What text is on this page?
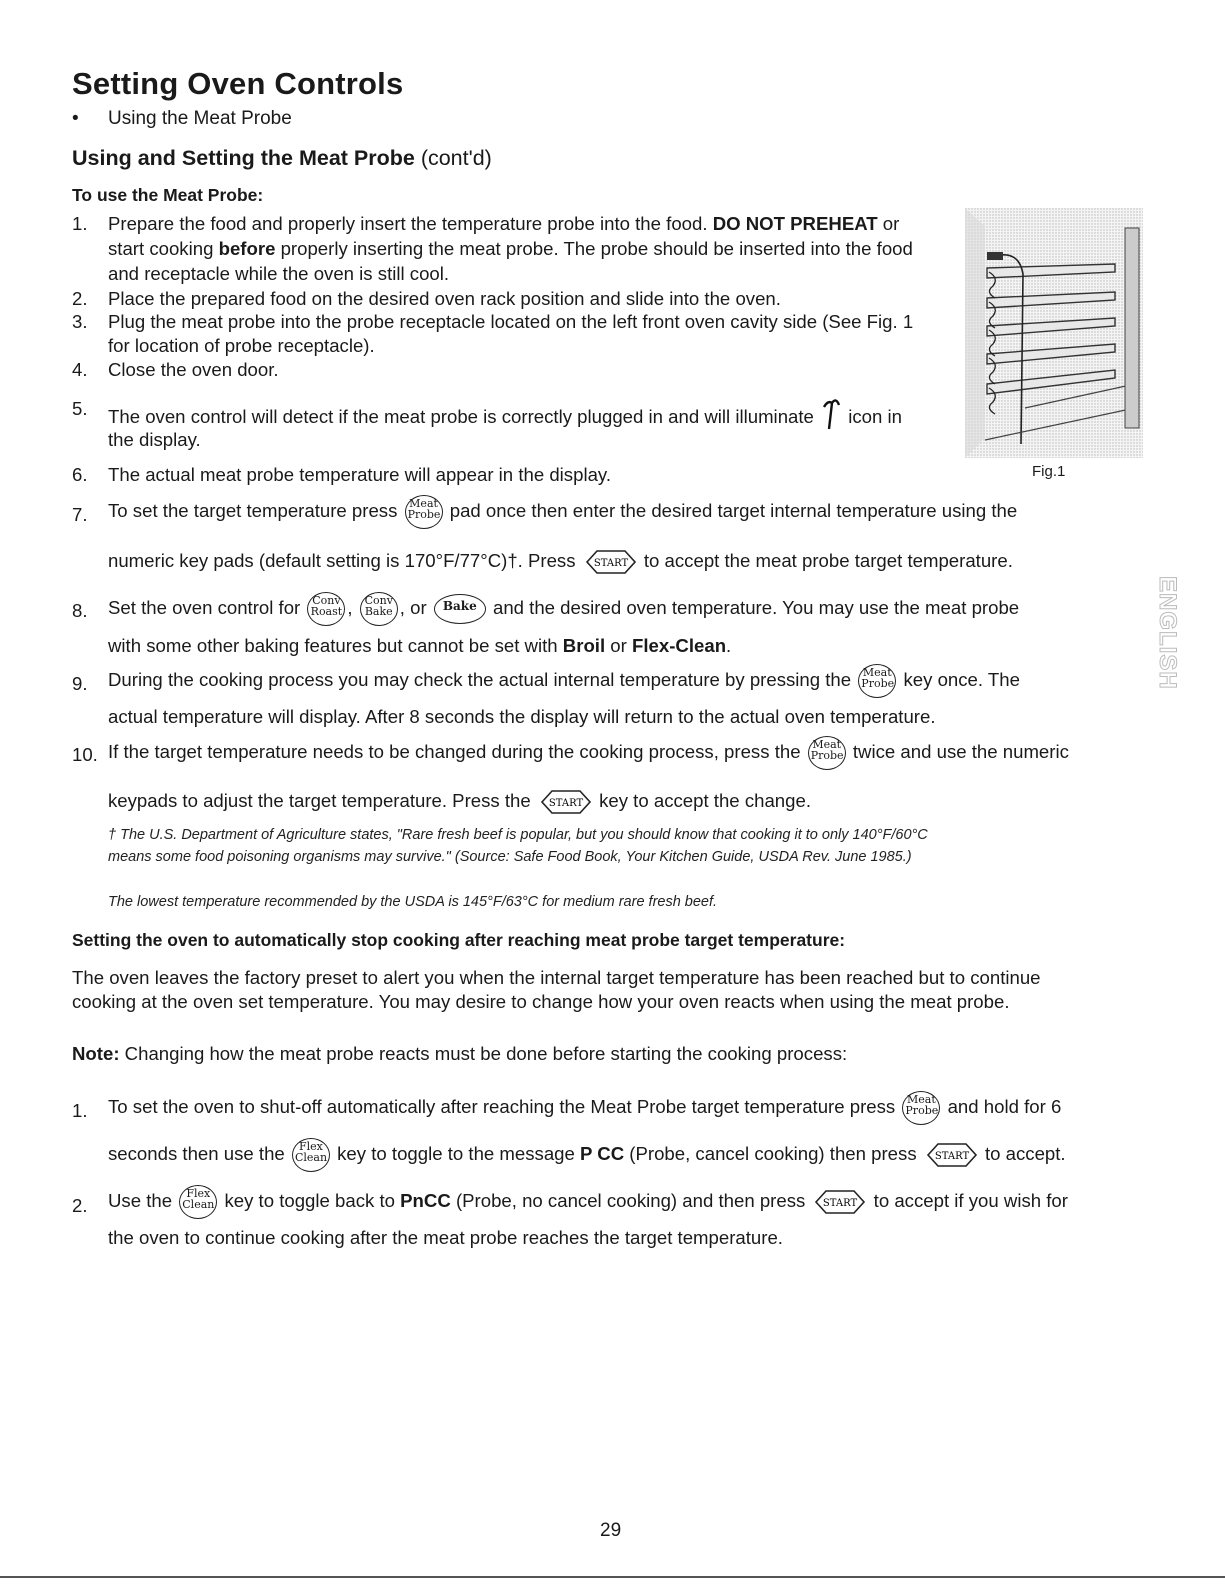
Setting Oven Controls
• Using the Meat Probe
Using and Setting the Meat Probe (cont'd)
To use the Meat Probe:
Fig.1
1.	Prepare the food and properly insert the temperature probe into the food. DO NOT PREHEAT or
start cooking before properly inserting the meat probe. The probe should be inserted into the food
and receptacle while the oven is still cool.
2.	Place the prepared food on the desired oven rack position and slide into the oven.
3.	Plug the meat probe into the probe receptacle located on the left front oven cavity side (See Fig. 1
for location of probe receptacle).
4.	Close the oven door.
5.	The oven control will detect if the meat probe is correctly plugged in and will illuminate icon in
the display.
6.	The actual meat probe temperature will appear in the display.
7.	To set the target temperature press Meat
Probe pad once then enter the desired target internal temperature using the
numeric key pads (default setting is 170°F/77°C)†. Press START to accept the meat probe target temperature.
8.	Set the oven control for Conv
Roast , Conv
Bake , or Bake and the desired oven temperature. You may use the meat probe
with some other baking features but cannot be set with Broil or Flex-Clean.
9.	During the cooking process you may check the actual internal temperature by pressing the Meat
Probe key once. The
actual temperature will display. After 8 seconds the display will return to the actual oven temperature.
10. If the target temperature needs to be changed during the cooking process, press the Meat
Probe twice and use the numeric
keypads to adjust the target temperature. Press the START key to accept the change.
† The U.S. Department of Agriculture states, "Rare fresh beef is popular, but you should know that cooking it to only 140°F/60°C
means some food poisoning organisms may survive." (Source: Safe Food Book, Your Kitchen Guide, USDA Rev. June 1985.)
The lowest temperature recommended by the USDA is 145°F/63°C for medium rare fresh beef.
Setting the oven to automatically stop cooking after reaching meat probe target temperature:
The oven leaves the factory preset to alert you when the internal target temperature has been reached but to continue
cooking at the oven set temperature. You may desire to change how your oven reacts when using the meat probe.
Note: Changing how the meat probe reacts must be done before starting the cooking process:
1.	To set the oven to shut-off automatically after reaching the Meat Probe target temperature press Meat
Probe and hold for 6
seconds then use the	Flex
Clean key to toggle to the message P CC (Probe, cancel cooking) then press START to accept.
2.	Use the	Flex
Clean key to toggle back to PnCC (Probe, no cancel cooking) and then press START to accept if you wish for
the oven to continue cooking after the meat probe reaches the target temperature.
ENGLISH
29
